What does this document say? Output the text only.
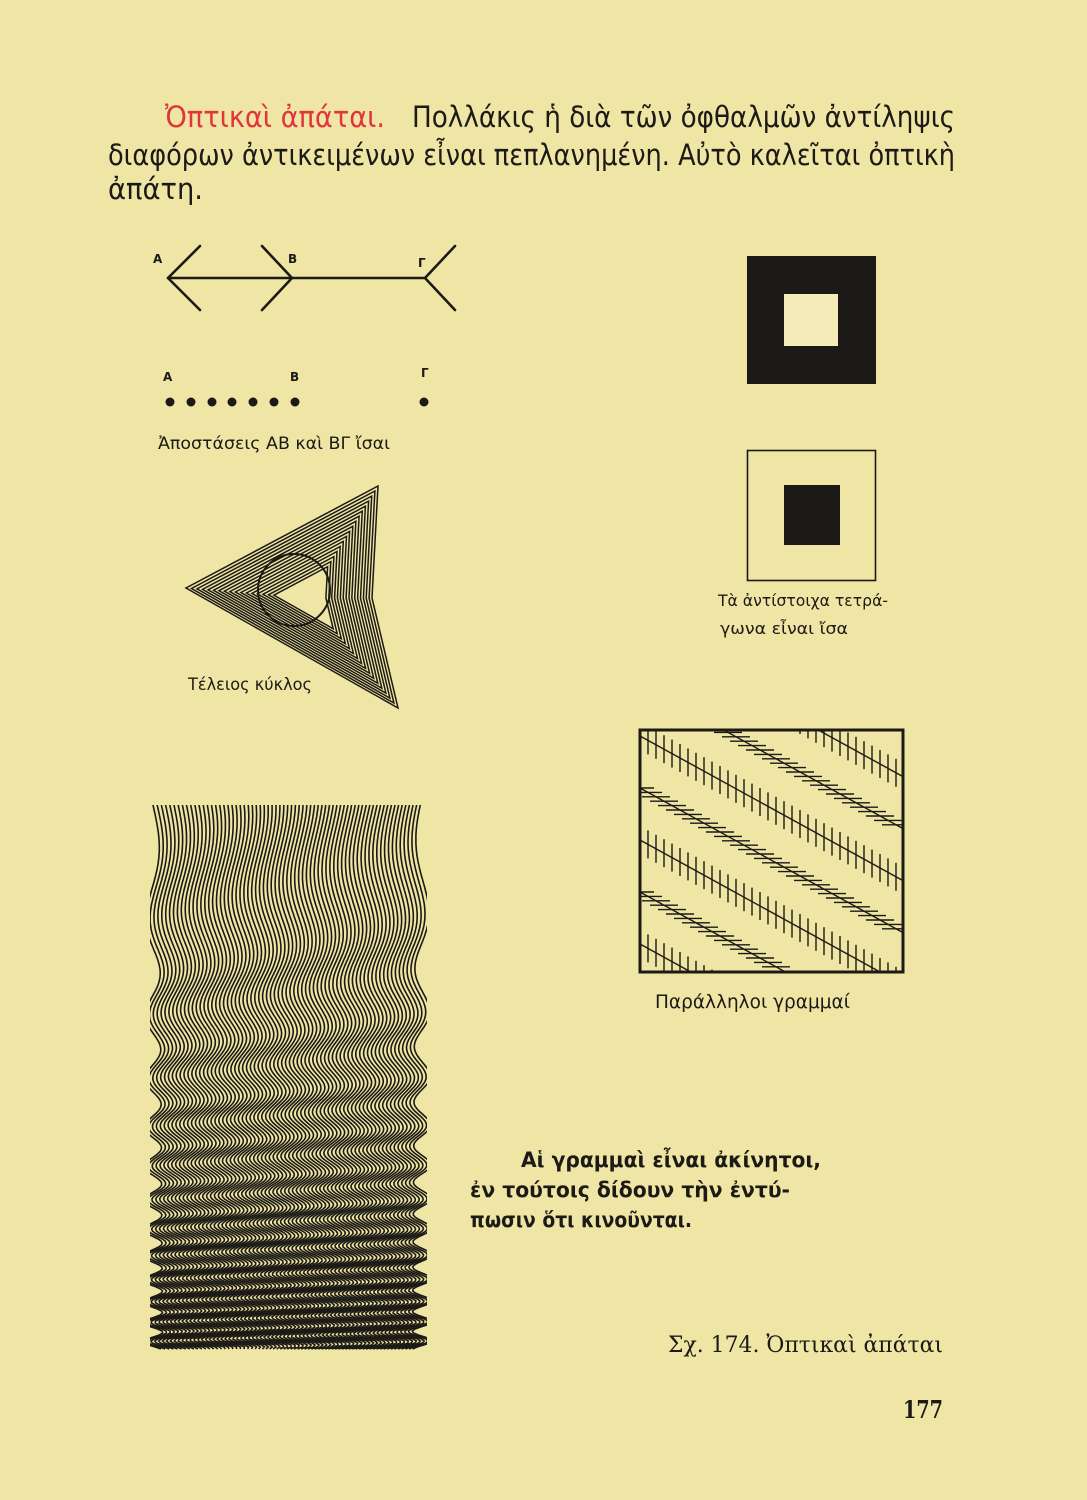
Ὀπτικαὶ ἀπάται. Πολλάκις ἡ διὰ τῶν ὀφθαλμῶν ἀντίληψις
διαφόρων ἀντικειμένων εἶναι πεπλανημένη. Αὐτὸ καλεῖται ὀπτικὴ
ἀπάτη.
Α	Β	Γ
Α	Β	Γ
Ἀποστάσεις ΑΒ καὶ ΒΓ ἴσαι
Τὰ ἀντίστοιχα τετρά-
γωνα εἶναι ἴσα
Τέλειος κύκλος
Παράλληλοι γραμμαί
Αἱ γραμμαὶ εἶναι ἀκίνητοι,
ἐν τούτοις δίδουν τὴν ἐντύ-
πωσιν ὅτι κινοῦνται.
Σχ. 174. Ὀπτικαὶ ἀπάται
177
